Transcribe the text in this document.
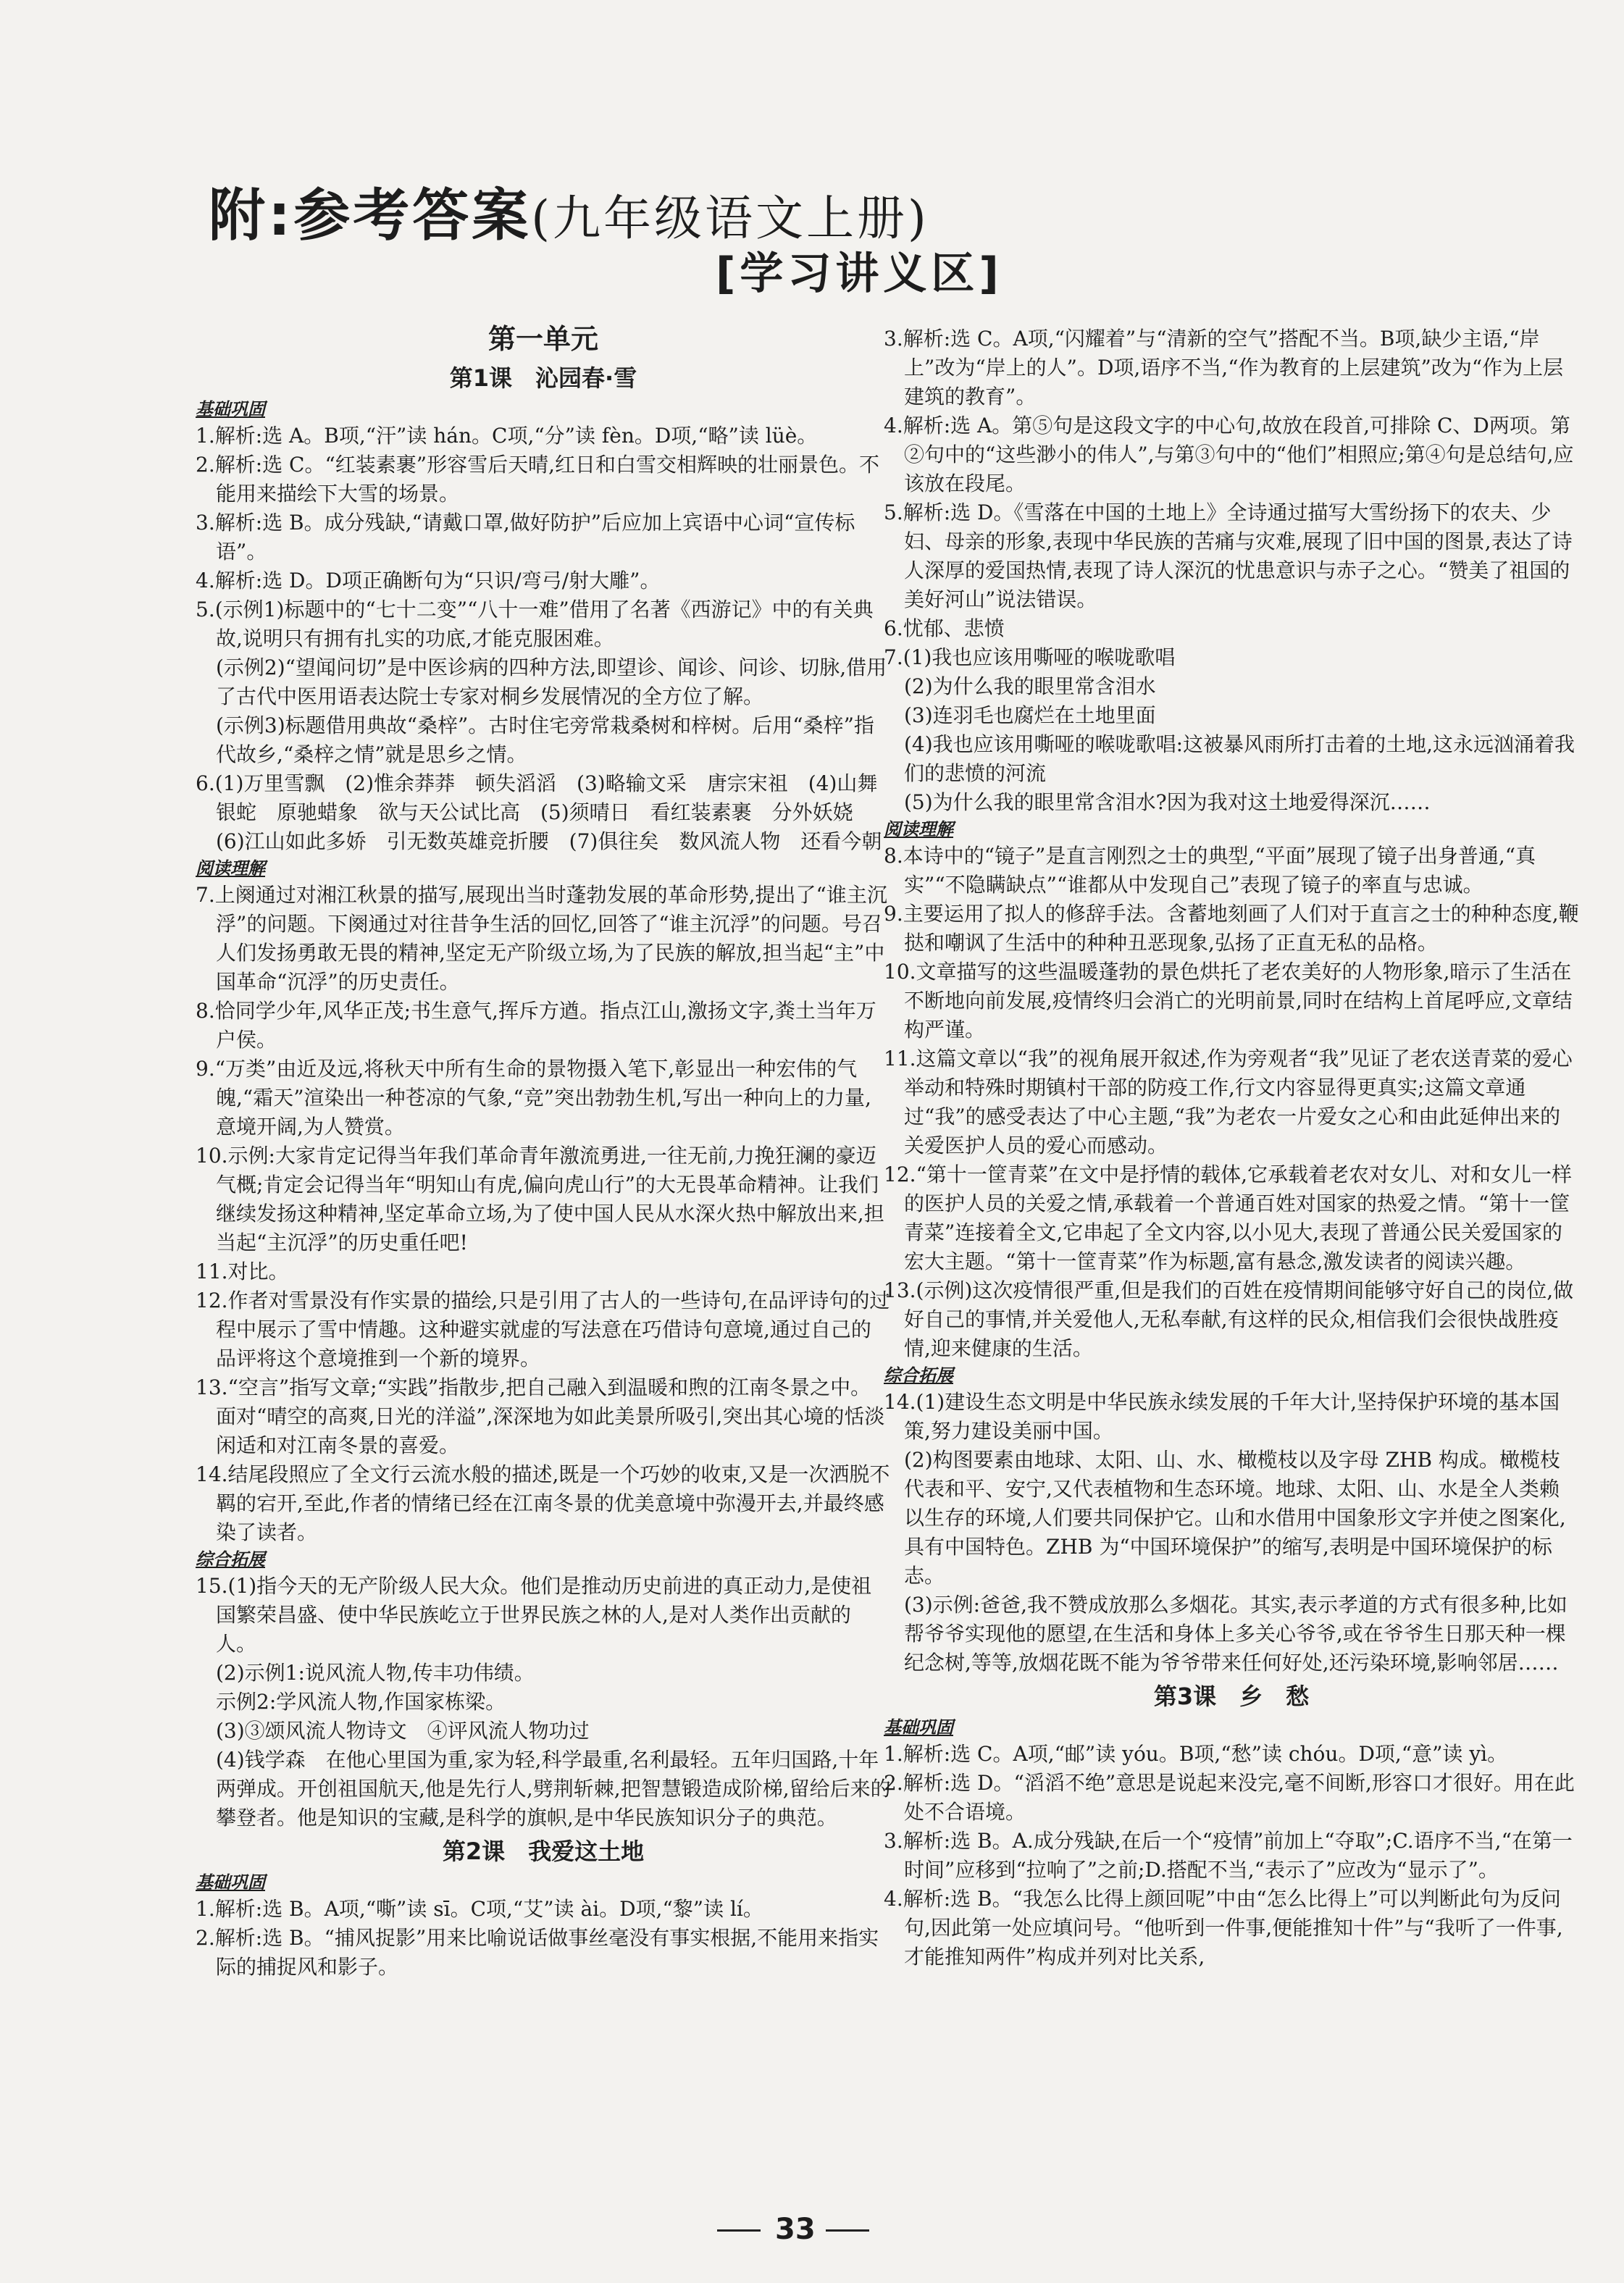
附:参考答案(九年级语文上册)
[学习讲义区]
第一单元
第1课　沁园春·雪
基础巩固

1.解析:选 A。B项,“汗”读 hán。C项,“分”读 fèn。D项,“略”读 lüè。

2.解析:选 C。“红装素裹”形容雪后天晴,红日和白雪交相辉映的壮丽景色。不能用来描绘下大雪的场景。

3.解析:选 B。成分残缺,“请戴口罩,做好防护”后应加上宾语中心词“宣传标语”。

4.解析:选 D。D项正确断句为“只识/弯弓/射大雕”。

5.(示例1)标题中的“七十二变”“八十一难”借用了名著《西游记》中的有关典故,说明只有拥有扎实的功底,才能克服困难。

(示例2)“望闻问切”是中医诊病的四种方法,即望诊、闻诊、问诊、切脉,借用了古代中医用语表达院士专家对桐乡发展情况的全方位了解。

(示例3)标题借用典故“桑梓”。古时住宅旁常栽桑树和梓树。后用“桑梓”指代故乡,“桑梓之情”就是思乡之情。

6.(1)万里雪飘　(2)惟余莽莽　顿失滔滔　(3)略输文采　唐宗宋祖　(4)山舞银蛇　原驰蜡象　欲与天公试比高　(5)须晴日　看红装素裹　分外妖娆　(6)江山如此多娇　引无数英雄竞折腰　(7)俱往矣　数风流人物　还看今朝

阅读理解

7.上阕通过对湘江秋景的描写,展现出当时蓬勃发展的革命形势,提出了“谁主沉浮”的问题。下阕通过对往昔争生活的回忆,回答了“谁主沉浮”的问题。号召人们发扬勇敢无畏的精神,坚定无产阶级立场,为了民族的解放,担当起“主”中国革命“沉浮”的历史责任。

8.恰同学少年,风华正茂;书生意气,挥斥方遒。指点江山,激扬文字,粪土当年万户侯。

9.“万类”由近及远,将秋天中所有生命的景物摄入笔下,彰显出一种宏伟的气魄,“霜天”渲染出一种苍凉的气象,“竞”突出勃勃生机,写出一种向上的力量,意境开阔,为人赞赏。

10.示例:大家肯定记得当年我们革命青年激流勇进,一往无前,力挽狂澜的豪迈气概;肯定会记得当年“明知山有虎,偏向虎山行”的大无畏革命精神。让我们继续发扬这种精神,坚定革命立场,为了使中国人民从水深火热中解放出来,担当起“主沉浮”的历史重任吧!

11.对比。

12.作者对雪景没有作实景的描绘,只是引用了古人的一些诗句,在品评诗句的过程中展示了雪中情趣。这种避实就虚的写法意在巧借诗句意境,通过自己的品评将这个意境推到一个新的境界。

13.“空言”指写文章;“实践”指散步,把自己融入到温暖和煦的江南冬景之中。面对“晴空的高爽,日光的洋溢”,深深地为如此美景所吸引,突出其心境的恬淡闲适和对江南冬景的喜爱。

14.结尾段照应了全文行云流水般的描述,既是一个巧妙的收束,又是一次洒脱不羁的宕开,至此,作者的情绪已经在江南冬景的优美意境中弥漫开去,并最终感染了读者。

综合拓展

15.(1)指今天的无产阶级人民大众。他们是推动历史前进的真正动力,是使祖国繁荣昌盛、使中华民族屹立于世界民族之林的人,是对人类作出贡献的人。

(2)示例1:说风流人物,传丰功伟绩。

示例2:学风流人物,作国家栋梁。

(3)③颂风流人物诗文　④评风流人物功过

(4)钱学森　在他心里国为重,家为轻,科学最重,名利最轻。五年归国路,十年两弹成。开创祖国航天,他是先行人,劈荆斩棘,把智慧锻造成阶梯,留给后来的攀登者。他是知识的宝藏,是科学的旗帜,是中华民族知识分子的典范。

第2课　我爱这土地
基础巩固

1.解析:选 B。A项,“嘶”读 sī。C项,“艾”读 ài。D项,“黎”读 lí。

2.解析:选 B。“捕风捉影”用来比喻说话做事丝毫没有事实根据,不能用来指实际的捕捉风和影子。

3.解析:选 C。A项,“闪耀着”与“清新的空气”搭配不当。B项,缺少主语,“岸上”改为“岸上的人”。D项,语序不当,“作为教育的上层建筑”改为“作为上层建筑的教育”。

4.解析:选 A。第⑤句是这段文字的中心句,故放在段首,可排除 C、D两项。第②句中的“这些渺小的伟人”,与第③句中的“他们”相照应;第④句是总结句,应该放在段尾。

5.解析:选 D。《雪落在中国的土地上》全诗通过描写大雪纷扬下的农夫、少妇、母亲的形象,表现中华民族的苦痛与灾难,展现了旧中国的图景,表达了诗人深厚的爱国热情,表现了诗人深沉的忧患意识与赤子之心。“赞美了祖国的美好河山”说法错误。

6.忧郁、悲愤

7.(1)我也应该用嘶哑的喉咙歌唱

(2)为什么我的眼里常含泪水

(3)连羽毛也腐烂在土地里面

(4)我也应该用嘶哑的喉咙歌唱:这被暴风雨所打击着的土地,这永远汹涌着我们的悲愤的河流

(5)为什么我的眼里常含泪水?因为我对这土地爱得深沉……

阅读理解

8.本诗中的“镜子”是直言刚烈之士的典型,“平面”展现了镜子出身普通,“真实”“不隐瞒缺点”“谁都从中发现自己”表现了镜子的率直与忠诚。

9.主要运用了拟人的修辞手法。含蓄地刻画了人们对于直言之士的种种态度,鞭挞和嘲讽了生活中的种种丑恶现象,弘扬了正直无私的品格。

10.文章描写的这些温暖蓬勃的景色烘托了老农美好的人物形象,暗示了生活在不断地向前发展,疫情终归会消亡的光明前景,同时在结构上首尾呼应,文章结构严谨。

11.这篇文章以“我”的视角展开叙述,作为旁观者“我”见证了老农送青菜的爱心举动和特殊时期镇村干部的防疫工作,行文内容显得更真实;这篇文章通过“我”的感受表达了中心主题,“我”为老农一片爱女之心和由此延伸出来的关爱医护人员的爱心而感动。

12.“第十一筐青菜”在文中是抒情的载体,它承载着老农对女儿、对和女儿一样的医护人员的关爱之情,承载着一个普通百姓对国家的热爱之情。“第十一筐青菜”连接着全文,它串起了全文内容,以小见大,表现了普通公民关爱国家的宏大主题。“第十一筐青菜”作为标题,富有悬念,激发读者的阅读兴趣。

13.(示例)这次疫情很严重,但是我们的百姓在疫情期间能够守好自己的岗位,做好自己的事情,并关爱他人,无私奉献,有这样的民众,相信我们会很快战胜疫情,迎来健康的生活。

综合拓展

14.(1)建设生态文明是中华民族永续发展的千年大计,坚持保护环境的基本国策,努力建设美丽中国。

(2)构图要素由地球、太阳、山、水、橄榄枝以及字母 ZHB 构成。橄榄枝代表和平、安宁,又代表植物和生态环境。地球、太阳、山、水是全人类赖以生存的环境,人们要共同保护它。山和水借用中国象形文字并使之图案化,具有中国特色。ZHB 为“中国环境保护”的缩写,表明是中国环境保护的标志。

(3)示例:爸爸,我不赞成放那么多烟花。其实,表示孝道的方式有很多种,比如帮爷爷实现他的愿望,在生活和身体上多关心爷爷,或在爷爷生日那天种一棵纪念树,等等,放烟花既不能为爷爷带来任何好处,还污染环境,影响邻居……

第3课　乡　愁
基础巩固

1.解析:选 C。A项,“邮”读 yóu。B项,“愁”读 chóu。D项,“意”读 yì。

2.解析:选 D。“滔滔不绝”意思是说起来没完,毫不间断,形容口才很好。用在此处不合语境。

3.解析:选 B。A.成分残缺,在后一个“疫情”前加上“夺取”;C.语序不当,“在第一时间”应移到“拉响了”之前;D.搭配不当,“表示了”应改为“显示了”。

4.解析:选 B。“我怎么比得上颜回呢”中由“怎么比得上”可以判断此句为反问句,因此第一处应填问号。“他听到一件事,便能推知十件”与“我听了一件事,才能推知两件”构成并列对比关系,

33
